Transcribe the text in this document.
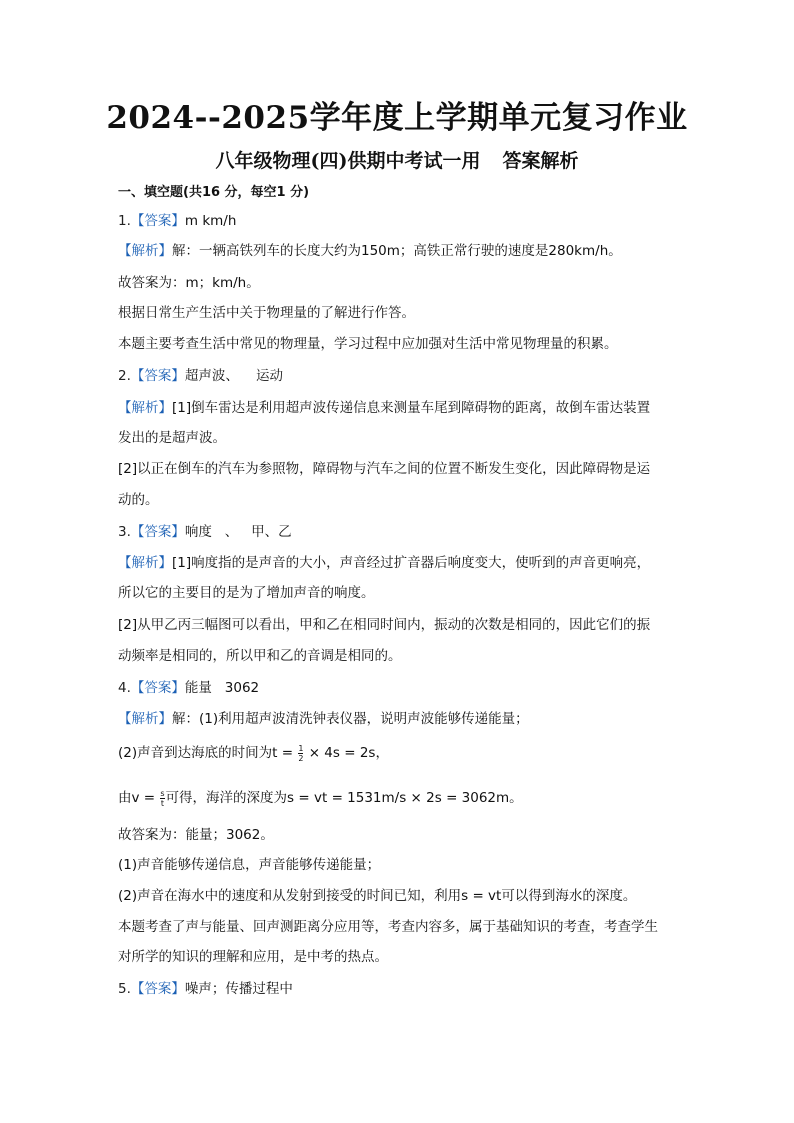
2024--2025学年度上学期单元复习作业
八年级物理(四)供期中考试一用 答案解析
一、填空题(共16 分，每空1 分)
1.【答案】m km/h
【解析】解：一辆高铁列车的长度大约为150m；高铁正常行驶的速度是280km/h。
故答案为：m；km/h。
根据日常生产生活中关于物理量的了解进行作答。
本题主要考查生活中常见的物理量，学习过程中应加强对生活中常见物理量的积累。
2.【答案】超声波、    运动
【解析】[1]倒车雷达是利用超声波传递信息来测量车尾到障碍物的距离，故倒车雷达装置
发出的是超声波。
[2]以正在倒车的汽车为参照物，障碍物与汽车之间的位置不断发生变化，因此障碍物是运
动的。
3.【答案】响度   、   甲、乙
【解析】[1]响度指的是声音的大小，声音经过扩音器后响度变大，使听到的声音更响亮，
所以它的主要目的是为了增加声音的响度。
[2]从甲乙丙三幅图可以看出，甲和乙在相同时间内，振动的次数是相同的，因此它们的振
动频率是相同的，所以甲和乙的音调是相同的。
4.【答案】能量   3062
【解析】解：(1)利用超声波清洗钟表仪器，说明声波能够传递能量；
(2)声音到达海底的时间为$t = \frac{1}{2} \times 4s = 2s$，
由$v = \frac{s}{t}$ 可得，海洋的深度为s = vt = 1531m/s × 2s = 3062m。
故答案为：能量；3062。
(1)声音能够传递信息，声音能够传递能量；
(2)声音在海水中的速度和从发射到接受的时间已知，利用s = vt可以得到海水的深度。
本题考查了声与能量、回声测距离分应用等，考查内容多，属于基础知识的考查，考查学生
对所学的知识的理解和应用，是中考的热点。
5.【答案】噪声；传播过程中
